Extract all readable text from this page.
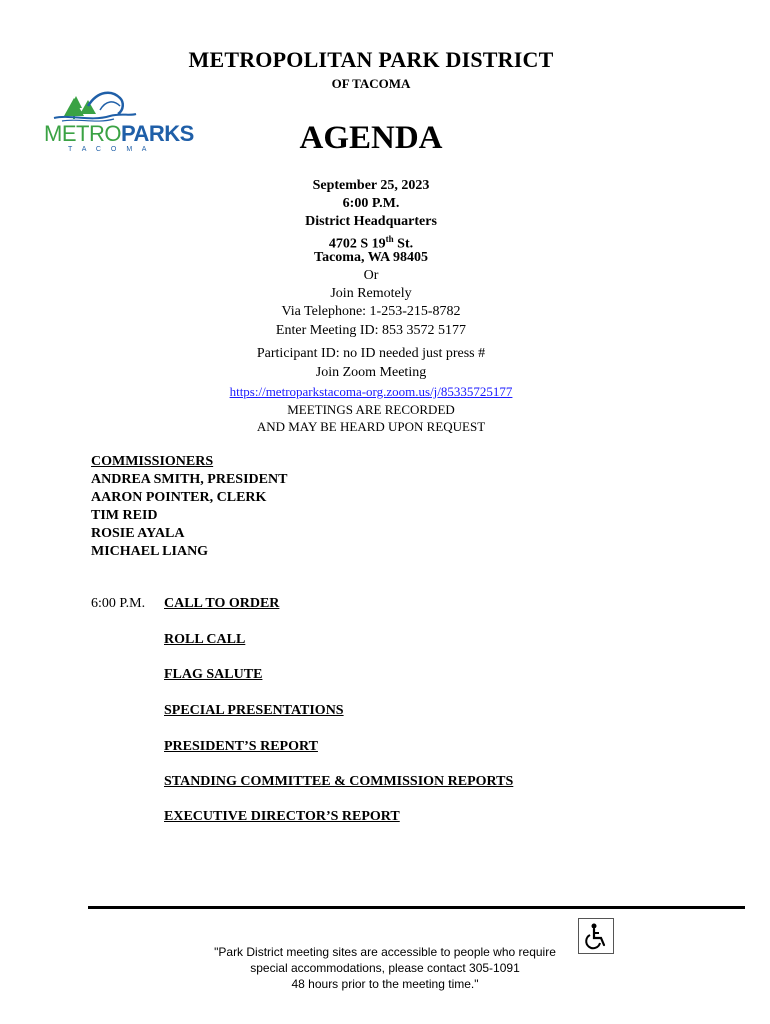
METROPOLITAN PARK DISTRICT
OF TACOMA
METROPARKS
T A C O M A	AGENDA
September 25, 2023
6:00 P.M.
District Headquarters
4702 S 19th St.
Tacoma, WA 98405
Or
Join Remotely
Via Telephone: 1-253-215-8782
Enter Meeting ID: 853 3572 5177
Participant ID: no ID needed just press #
Join Zoom Meeting
https://metroparkstacoma-org.zoom.us/j/85335725177
MEETINGS ARE RECORDED
AND MAY BE HEARD UPON REQUEST
COMMISSIONERS
ANDREA SMITH, PRESIDENT
AARON POINTER, CLERK
TIM REID
ROSIE AYALA
MICHAEL LIANG
6:00 P.M. CALL TO ORDER
ROLL CALL
FLAG SALUTE
SPECIAL PRESENTATIONS
PRESIDENT’S REPORT
STANDING COMMITTEE & COMMISSION REPORTS
EXECUTIVE DIRECTOR’S REPORT
"Park District meeting sites are accessible to people who require
special accommodations, please contact 305-1091
48 hours prior to the meeting time."
